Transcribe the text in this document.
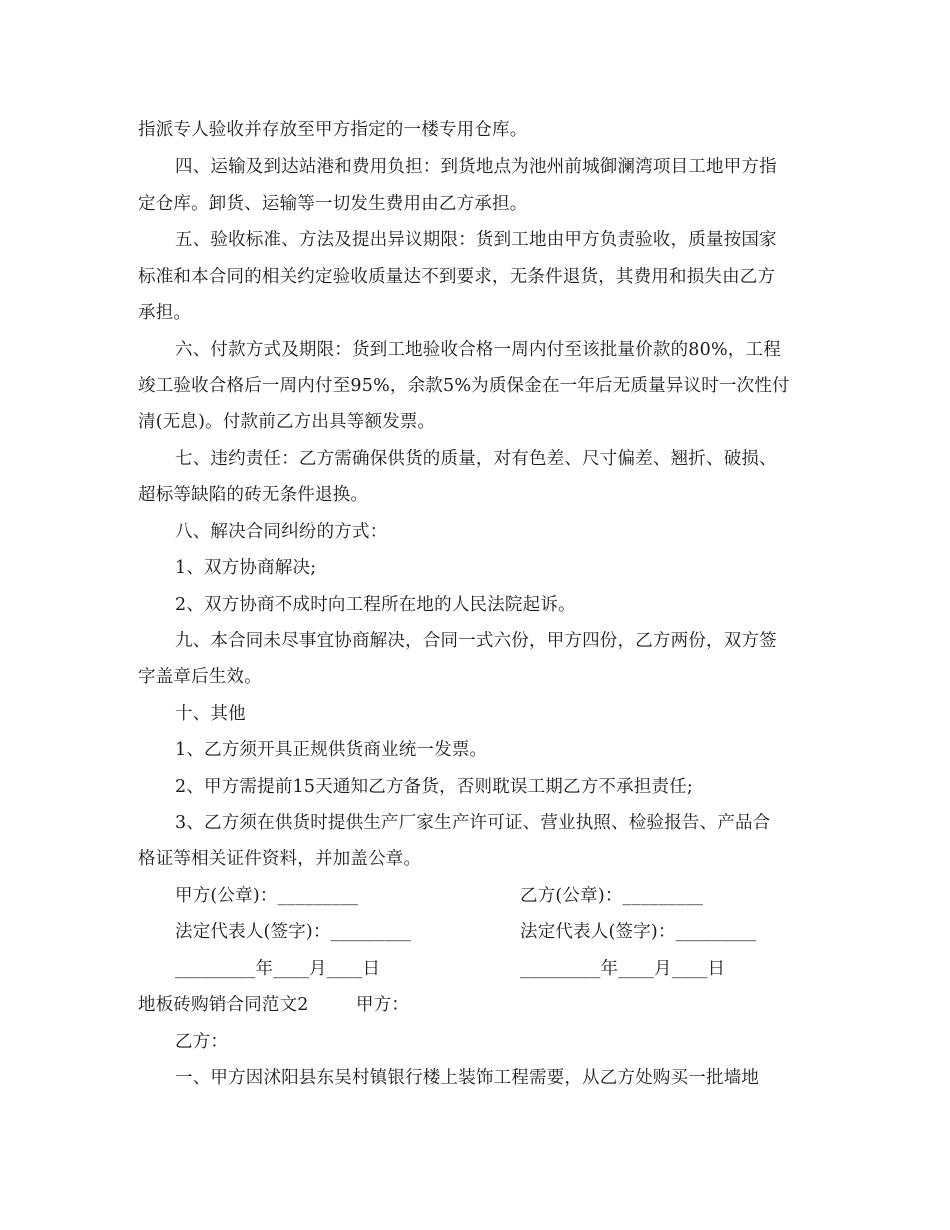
指派专人验收并存放至甲方指定的一楼专用仓库。
四、运输及到达站港和费用负担：到货地点为池州前城御澜湾项目工地甲方指
定仓库。卸货、运输等一切发生费用由乙方承担。
五、验收标准、方法及提出异议期限：货到工地由甲方负责验收，质量按国家
标准和本合同的相关约定验收质量达不到要求，无条件退货，其费用和损失由乙方
承担。
六、付款方式及期限：货到工地验收合格一周内付至该批量价款的80%，工程
竣工验收合格后一周内付至95%，余款5%为质保金在一年后无质量异议时一次性付
清(无息)。付款前乙方出具等额发票。
七、违约责任：乙方需确保供货的质量，对有色差、尺寸偏差、翘折、破损、
超标等缺陷的砖无条件退换。
八、解决合同纠纷的方式：
1、双方协商解决;
2、双方协商不成时向工程所在地的人民法院起诉。
九、本合同未尽事宜协商解决，合同一式六份，甲方四份，乙方两份，双方签
字盖章后生效。
十、其他
1、乙方须开具正规供货商业统一发票。
2、甲方需提前15天通知乙方备货，否则耽误工期乙方不承担责任;
3、乙方须在供货时提供生产厂家生产许可证、营业执照、检验报告、产品合
格证等相关证件资料，并加盖公章。
甲方(公章)：_________	乙方(公章)：_________
法定代表人(签字)：_________	法定代表人(签字)：_________
_________年____月____日	_________年____月____日
地板砖购销合同范文2	甲方：
乙方：
一、甲方因沭阳县东吴村镇银行楼上装饰工程需要，从乙方处购买一批墙地
